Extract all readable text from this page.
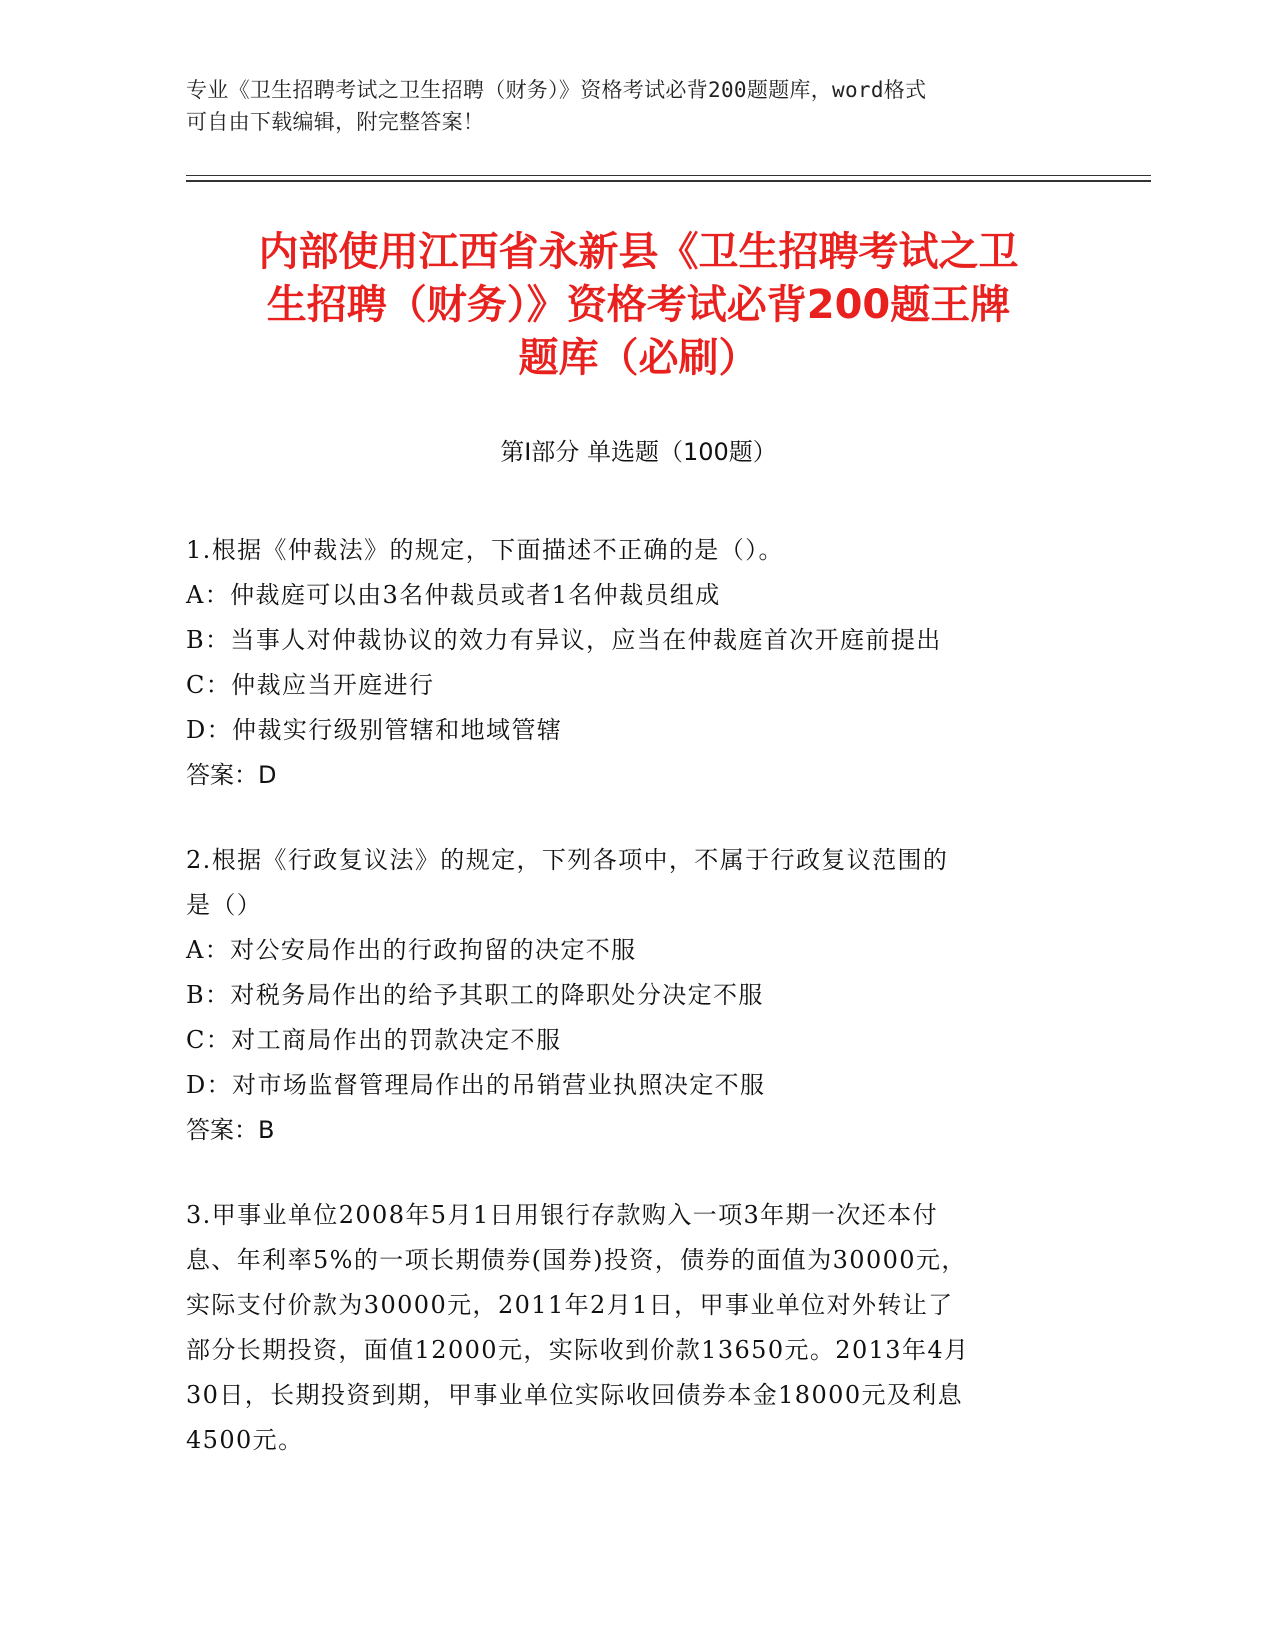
专业《卫生招聘考试之卫生招聘（财务）》资格考试必背200题题库，word格式
可自由下载编辑，附完整答案！
内部使用江西省永新县《卫生招聘考试之卫
生招聘（财务）》资格考试必背200题王牌
题库（必刷）
第Ⅰ部分 单选题（100题）
1.根据《仲裁法》的规定，下面描述不正确的是（）。
A：仲裁庭可以由3名仲裁员或者1名仲裁员组成
B：当事人对仲裁协议的效力有异议，应当在仲裁庭首次开庭前提出
C：仲裁应当开庭进行
D：仲裁实行级别管辖和地域管辖
答案：D
2.根据《行政复议法》的规定，下列各项中，不属于行政复议范围的
是（）
A：对公安局作出的行政拘留的决定不服
B：对税务局作出的给予其职工的降职处分决定不服
C：对工商局作出的罚款决定不服
D：对市场监督管理局作出的吊销营业执照决定不服
答案：B
3.甲事业单位2008年5月1日用银行存款购入一项3年期一次还本付
息、年利率5%的一项长期债券(国券)投资，债券的面值为30000元，
实际支付价款为30000元，2011年2月1日，甲事业单位对外转让了
部分长期投资，面值12000元，实际收到价款13650元。2013年4月
30日，长期投资到期，甲事业单位实际收回债券本金18000元及利息
4500元。
